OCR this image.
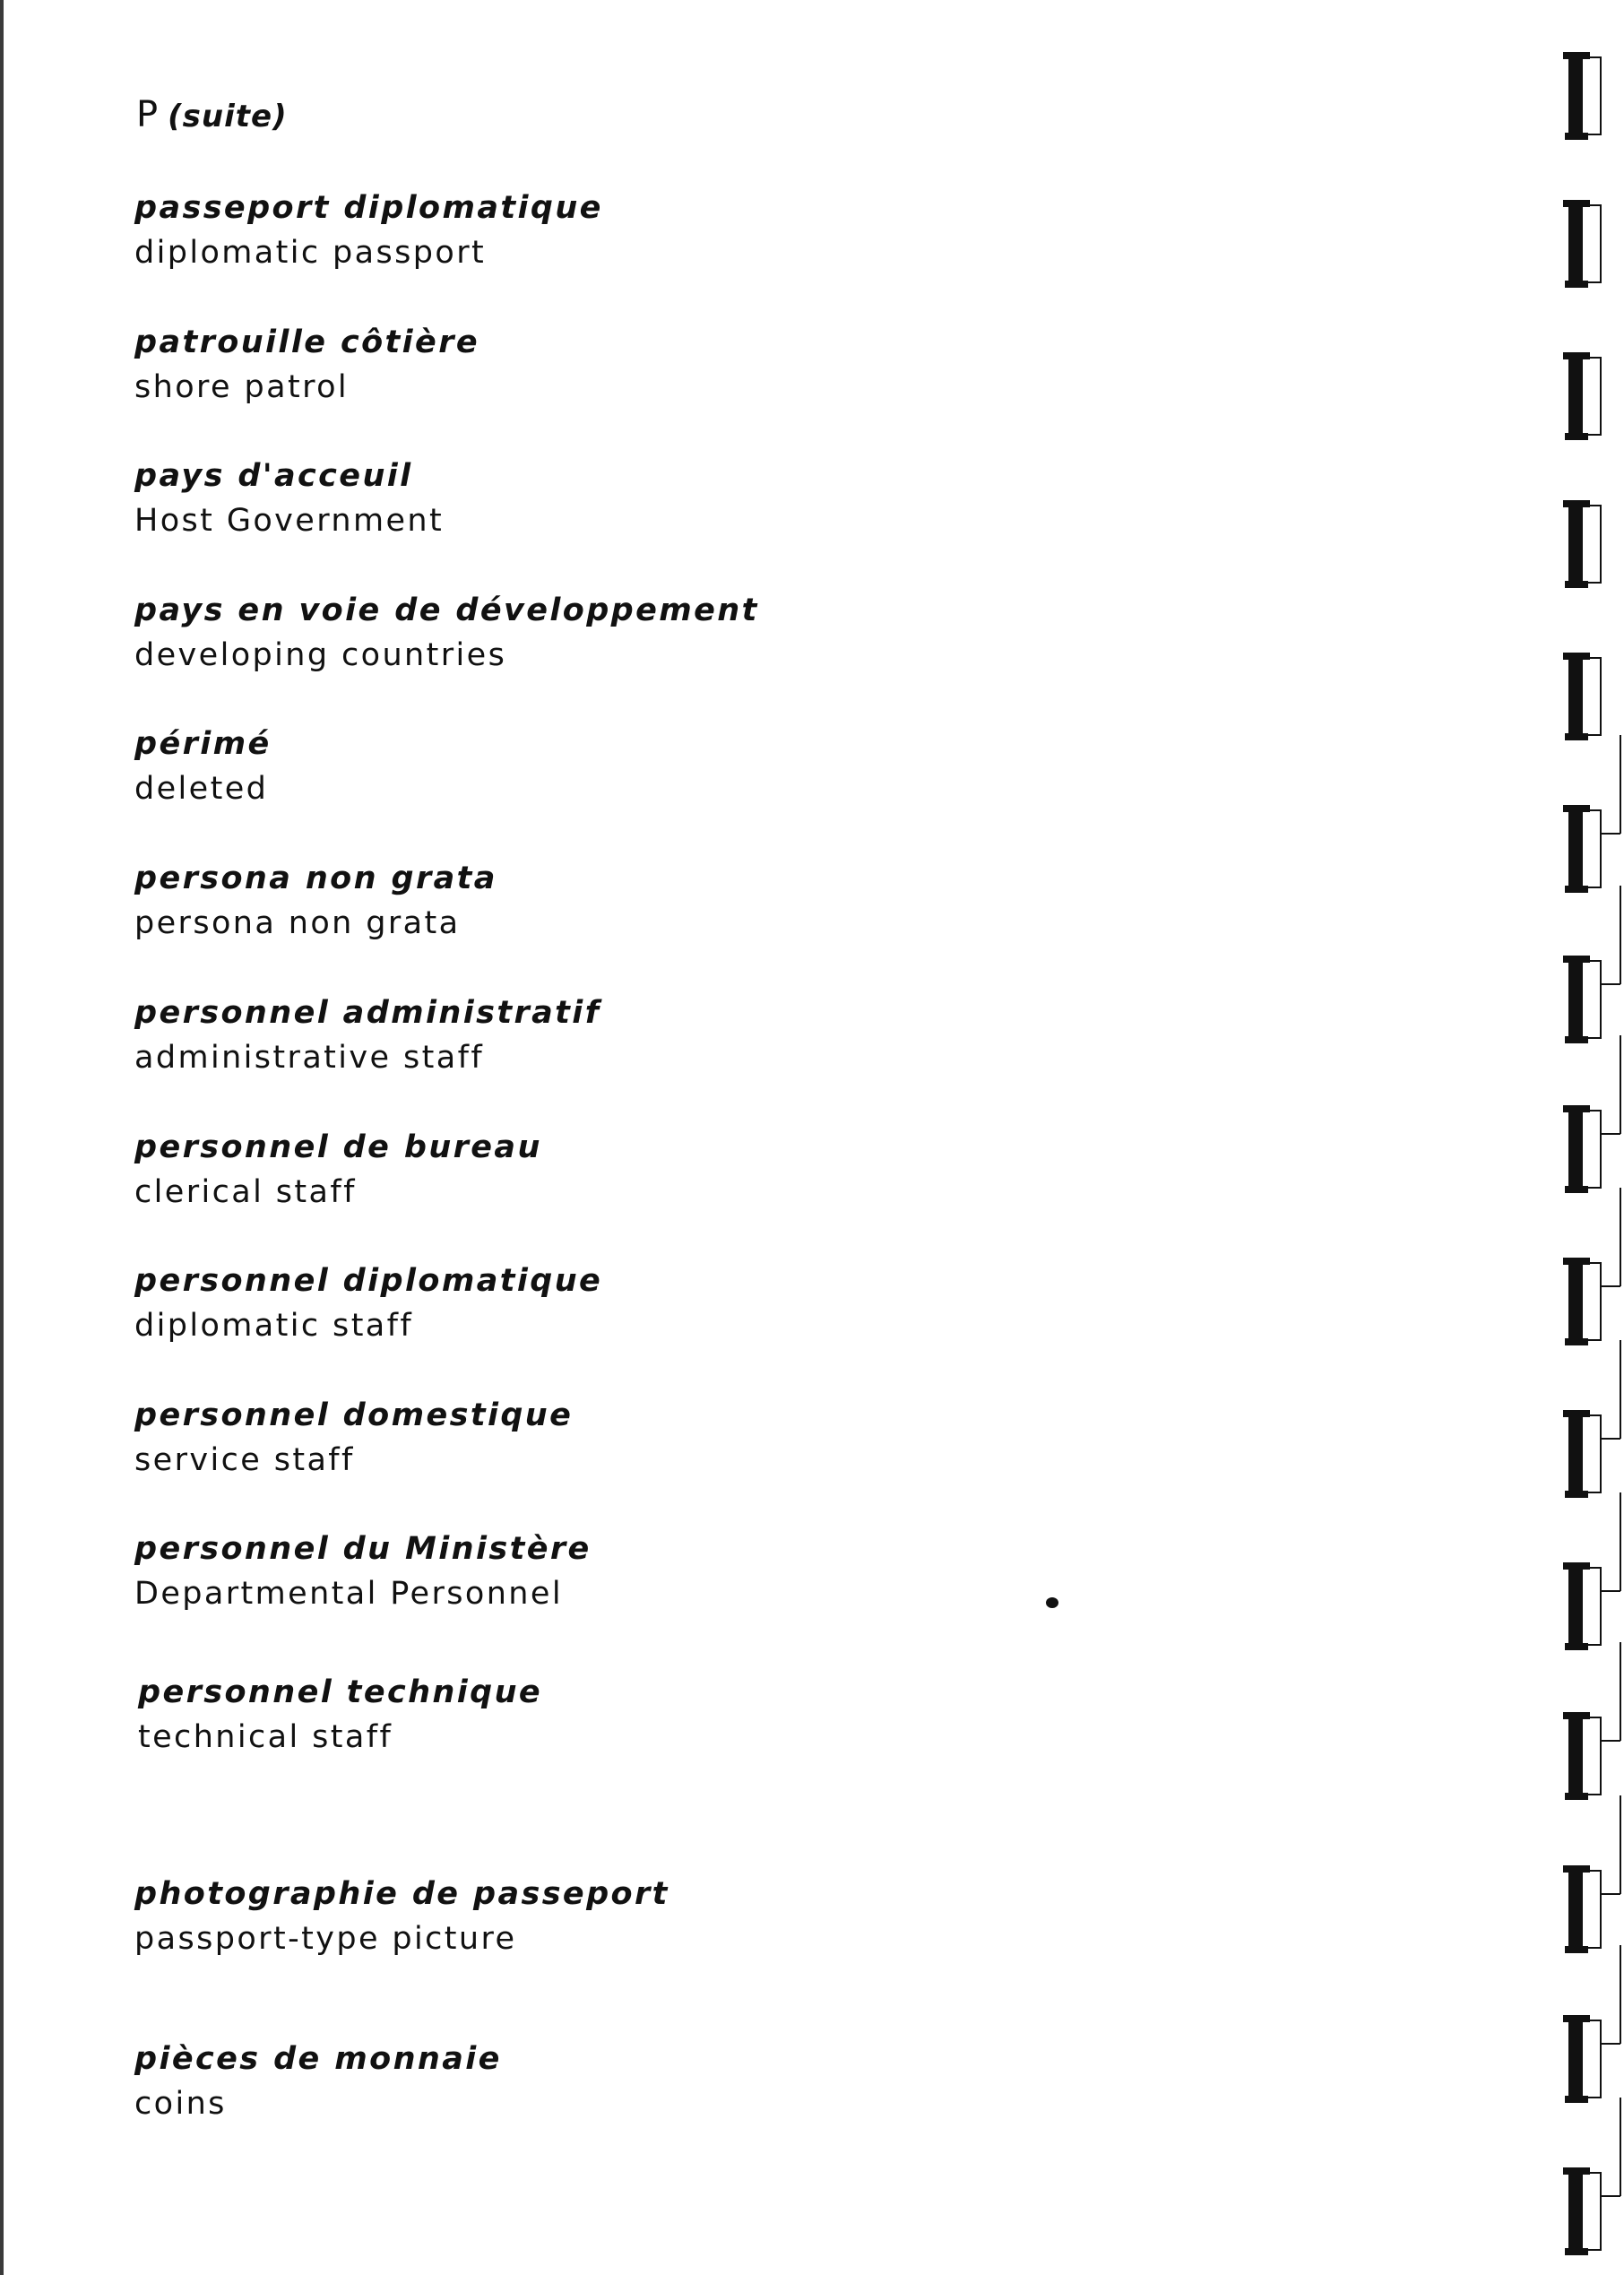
P (suite)
passeport diplomatique
diplomatic passport
patrouille côtière
shore patrol
pays d'acceuil
Host Government
pays en voie de développement
developing countries
périmé
deleted
persona non grata
persona non grata
personnel administratif
administrative staff
personnel de bureau
clerical staff
personnel diplomatique
diplomatic staff
personnel domestique
service staff
personnel du Ministère
Departmental Personnel
personnel technique
technical staff
photographie de passeport
passport-type picture
pièces de monnaie
coins
